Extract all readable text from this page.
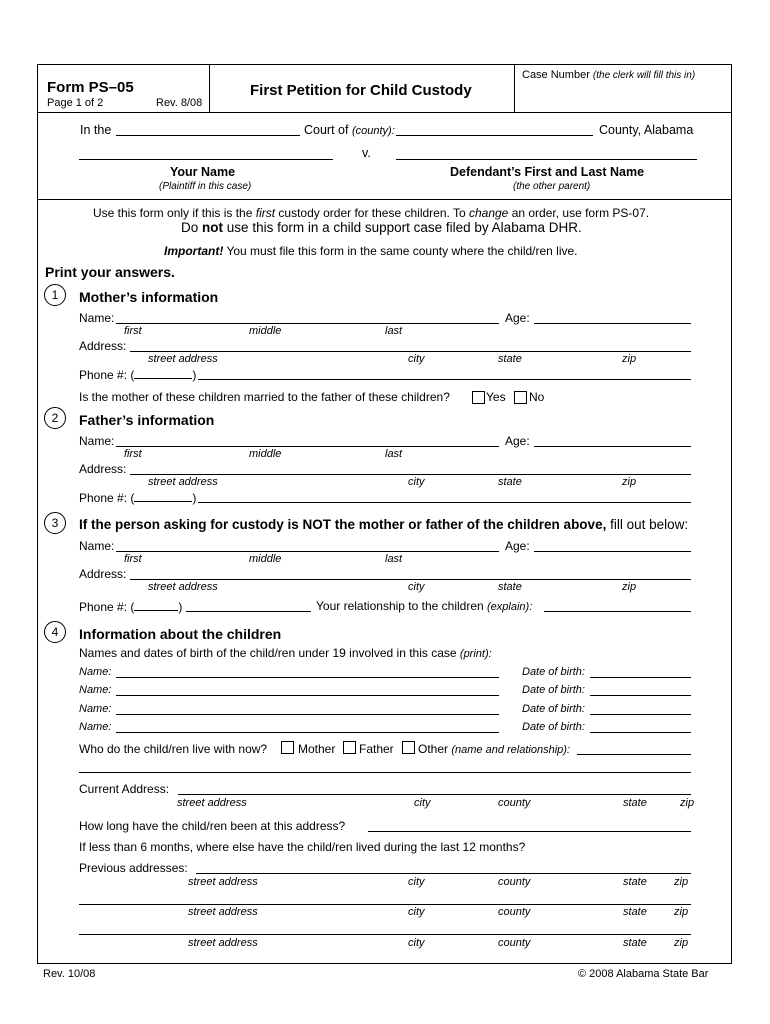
Form PS–05
Page 1 of 2	Rev. 8/08
First Petition for Child Custody
Case Number (the clerk will fill this in)
In the	Court of (county):	County, Alabama
v.
Your Name
(Plaintiff in this case)
Defendant’s First and Last Name
(the other parent)
Use this form only if this is the first custody order for these children. To change an order, use form PS-07.
Do not use this form in a child support case filed by Alabama DHR.
Important! You must file this form in the same county where the child/ren live.
Print your answers.
1	Mother’s information
Name:	Age:
first	middle	last
Address:
street address	city	state	zip
Phone #: (	)
Is the mother of these children married to the father of these children?	Yes No
2	Father’s information
Name:	Age:
first	middle	last
Address:
street address	city	state	zip
Phone #: (	)
3	If the person asking for custody is NOT the mother or father of the children above, fill out below:
Name:	Age:
first	middle	last
Address:
street address	city	state	zip
Phone #: (	)	Your relationship to the children (explain):
4	Information about the children
Names and dates of birth of the child/ren under 19 involved in this case (print):
Name:	Date of birth:
Name:	Date of birth:
Name:	Date of birth:
Name:	Date of birth:
Who do the child/ren live with now?	Mother Father Other (name and relationship):
Current Address:
street address	city	county	state	zip
How long have the child/ren been at this address?
If less than 6 months, where else have the child/ren lived during the last 12 months?
Previous addresses:
street address	city	county	state zip
street address	city	county	state zip
street address	city	county	state zip
Rev. 10/08	© 2008 Alabama State Bar
